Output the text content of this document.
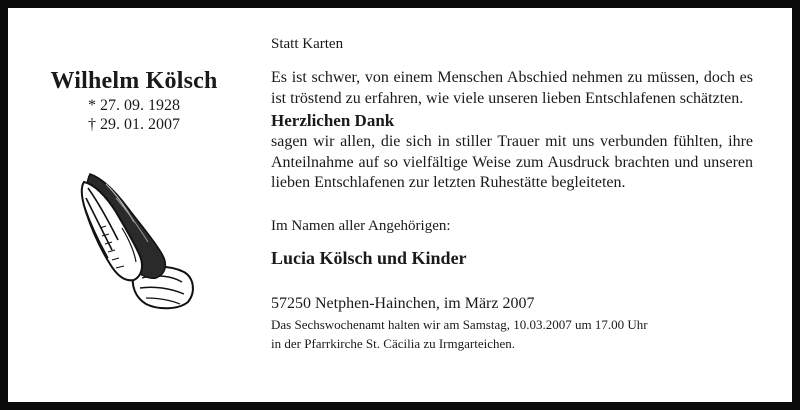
Wilhelm Kölsch
* 27. 09. 1928
† 29. 01. 2007
Statt Karten

Es ist schwer, von einem Menschen Abschied nehmen zu müssen, doch es ist tröstend zu erfahren, wie viele unseren lieben Entschlafenen schätzten.

Herzlichen Dank

sagen wir allen, die sich in stiller Trauer mit uns verbunden fühlten, ihre Anteilnahme auf so vielfältige Weise zum Ausdruck brachten und unseren lieben Entschlafenen zur letzten Ruhestätte begleiteten.

Im Namen aller Angehörigen:
Lucia Kölsch und Kinder
57250 Netphen-Hainchen, im März 2007
Das Sechswochenamt halten wir am Samstag, 10.03.2007 um 17.00 Uhr
in der Pfarrkirche St. Cäcilia zu Irmgarteichen.
